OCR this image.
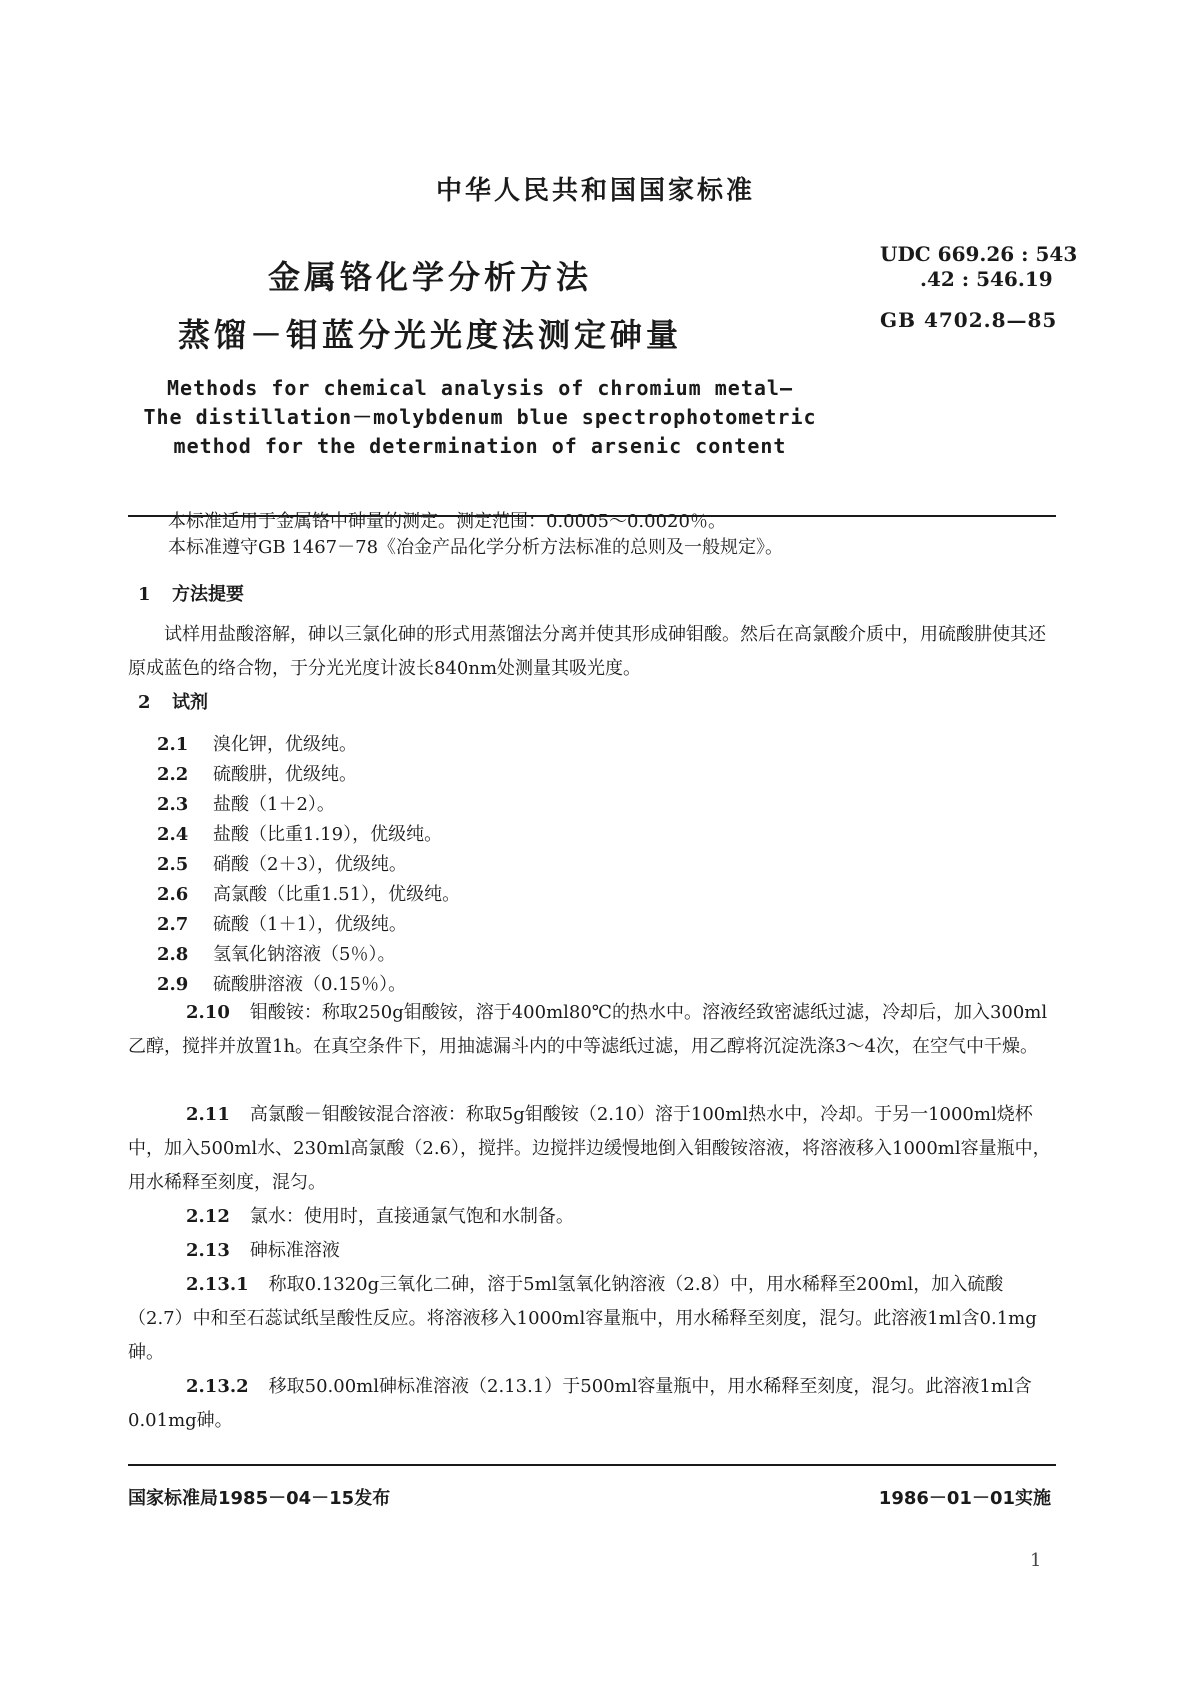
中华人民共和国国家标准
金属铬化学分析方法
蒸馏－钼蓝分光光度法测定砷量
UDC 669.26 : 543
.42 : 546.19
GB 4702.8—85
Methods for chemical analysis of chromium metal—
The distillation－molybdenum blue spectrophotometric
method for the determination of arsenic content
本标准适用于金属铬中砷量的测定。测定范围：0.0005～0.0020％。
本标准遵守GB 1467－78《冶金产品化学分析方法标准的总则及一般规定》。
1 方法提要
试样用盐酸溶解，砷以三氯化砷的形式用蒸馏法分离并使其形成砷钼酸。然后在高氯酸介质中，用硫酸肼使其还原成蓝色的络合物，于分光光度计波长840nm处测量其吸光度。
2 试剂
2.1 溴化钾，优级纯。
2.2 硫酸肼，优级纯。
2.3 盐酸（1＋2）。
2.4 盐酸（比重1.19），优级纯。
2.5 硝酸（2＋3），优级纯。
2.6 高氯酸（比重1.51），优级纯。
2.7 硫酸（1＋1），优级纯。
2.8 氢氧化钠溶液（5％）。
2.9 硫酸肼溶液（0.15％）。
2.10 钼酸铵：称取250g钼酸铵，溶于400ml80℃的热水中。溶液经致密滤纸过滤，冷却后，加入300ml乙醇，搅拌并放置1h。在真空条件下，用抽滤漏斗内的中等滤纸过滤，用乙醇将沉淀洗涤3～4次，在空气中干燥。
2.11 高氯酸－钼酸铵混合溶液：称取5g钼酸铵（2.10）溶于100ml热水中，冷却。于另一1000ml烧杯中，加入500ml水、230ml高氯酸（2.6），搅拌。边搅拌边缓慢地倒入钼酸铵溶液，将溶液移入1000ml容量瓶中，用水稀释至刻度，混匀。
2.12 氯水：使用时，直接通氯气饱和水制备。
2.13 砷标准溶液
2.13.1 称取0.1320g三氧化二砷，溶于5ml氢氧化钠溶液（2.8）中，用水稀释至200ml，加入硫酸（2.7）中和至石蕊试纸呈酸性反应。将溶液移入1000ml容量瓶中，用水稀释至刻度，混匀。此溶液1ml含0.1mg砷。
2.13.2 移取50.00ml砷标准溶液（2.13.1）于500ml容量瓶中，用水稀释至刻度，混匀。此溶液1ml含0.01mg砷。
国家标准局1985－04－15发布	1986－01－01实施
1
